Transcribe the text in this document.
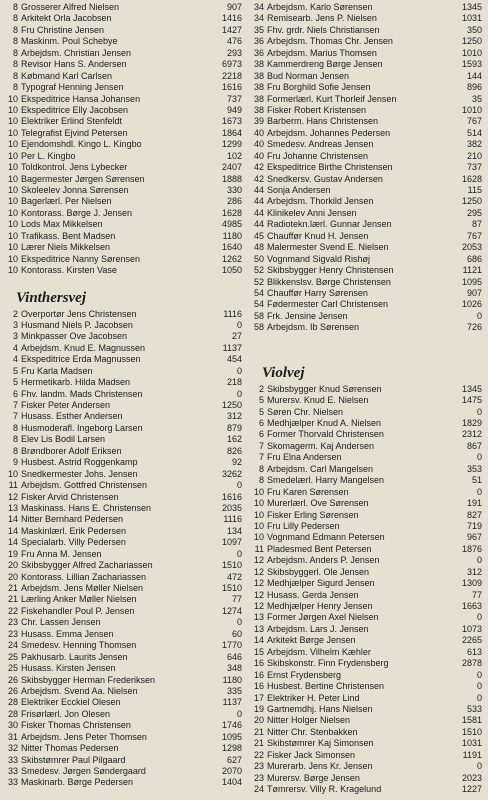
8 Grosserer Alfred Nielsen	907
8 Arkitekt Orla Jacobsen	1416
8 Fru Christine Jensen	1427
8 Maskinm. Poul Schebye	476
8 Arbejdsm. Christian Jensen	293
8 Revisor Hans S. Andersen	6973
8 Købmand Karl Carlsen	2218
8 Typograf Henning Jensen	1616
10 Ekspeditrice Hansa Johansen	737
10 Ekspeditrice Elly Jacobsen	949
10 Elektriker Erlind Stenfeldt	1673
10 Telegrafist Ejvind Petersen	1864
10 Ejendomshdl. Kingo L. Kingbo	1299
10 Per L. Kingbo	102
10 Toldkontrol. Jens Lybecker	2407
10 Bagermester Jørgen Sørensen	1888
10 Skoleelev Jonna Sørensen	330
10 Bagerlærl. Per Nielsen	286
10 Kontorass. Børge J. Jensen	1628
10 Lods Max Mikkelsen	4985
10 Trafikass. Bent Madsen	1180
10 Lærer Niels Mikkelsen	1640
10 Ekspeditrice Nanny Sørensen	1262
10 Kontorass. Kirsten Vase	1050
Vinthersvej
2 Overportør Jens Christensen	1116
3 Husmand Niels P. Jacobsen	0
3 Minkpasser Ove Jacobsen	27
4 Arbejdsm. Knud E. Magnussen	1137
4 Ekspeditrice Erda Magnussen	454
5 Fru Karla Madsen	0
5 Hermetikarb. Hilda Madsen	218
6 Fhv. landm. Mads Christensen	0
7 Fisker Peter Andersen	1250
7 Husass. Esther Andersen	312
8 Husmoderafl. Ingeborg Larsen	879
8 Elev Lis Bodil Larsen	162
8 Brøndborer Adolf Eriksen	826
9 Husbest. Astrid Roggenkamp	92
10 Snedkermester Johs. Jensen	3262
11 Arbejdsm. Gottfred Christensen	0
12 Fisker Arvid Christensen	1616
13 Maskinass. Hans E. Christensen	2035
14 Nitter Bernhard Pedersen	1116
14 Maskinlærl. Erik Pedersen	134
14 Specialarb. Villy Pedersen	1097
19 Fru Anna M. Jensen	0
20 Skibsbygger Alfred Zachariassen	1510
20 Kontorass. Lillian Zachariassen	472
21 Arbejdsm. Jens Møller Nielsen	1510
21 Lærling Anker Møller Nielsen	77
22 Fiskehandler Poul P. Jensen	1274
23 Chr. Lassen Jensen	0
23 Husass. Emma Jensen	60
24 Smedesv. Henning Thomsen	1770
25 Pakhusarb. Laurits Jensen	646
25 Husass. Kirsten Jensen	348
26 Skibsbygger Herman Frederiksen	1180
26 Arbejdsm. Svend Aa. Nielsen	335
28 Elektriker Ecckiel Olesen	1137
28 Frisørlærl. Jon Olesen	0
30 Fisker Thomas Christensen	1746
31 Arbejdsm. Jens Peter Thomsen	1095
32 Nitter Thomas Pedersen	1298
33 Skibstømrer Paul Pilgaard	627
33 Smedesv. Jørgen Søndergaard	2070
33 Maskinarb. Børge Pedersen	1404
34 Arbejdsm. Karlo Sørensen	1345
34 Remisearb. Jens P. Nielsen	1031
35 Fhv. grdr. Niels Christiansen	350
36 Arbejdsm. Thomas Chr. Jensen	1250
36 Arbejdsm. Marius Thomsen	1010
38 Kammerdreng Børge Jensen	1593
38 Bud Norman Jensen	144
38 Fru Borghild Sofie Jensen	896
38 Formerlærl. Kurt Thorleif Jensen	35
38 Fisker Robert Kristensen	1010
39 Barberm. Hans Christensen	767
40 Arbejdsm. Johannes Pedersen	514
40 Smedesv. Andreas Jensen	382
40 Fru Johanne Christensen	210
42 Ekspeditrice Birthe Christensen	737
42 Snedkersv. Gustav Andersen	1628
44 Sonja Andersen	115
44 Arbejdsm. Thorkild Jensen	1250
44 Klinikelev Anni Jensen	295
44 Radiotekn.lærl. Gunnar Jensen	87
45 Chauffør Knud H. Jensen	767
48 Malermester Svend E. Nielsen	2053
50 Vognmand Sigvald Rishøj	686
52 Skibsbygger Henry Christensen	1121
52 Blikkenslsv. Børge Christensen	1095
54 Chauffør Harry Sørensen	907
54 Fødermester Carl Christensen	1026
58 Frk. Jensine Jensen	0
58 Arbejdsm. Ib Sørensen	726
Violvej
2 Skibsbygger Knud Sørensen	1345
5 Murersv. Knud E. Nielsen	1475
5 Søren Chr. Nielsen	0
6 Medhjælper Knud A. Nielsen	1829
6 Former Thorvald Christensen	2312
7 Skomagerm. Kaj Andersen	867
7 Fru Elna Andersen	0
8 Arbejdsm. Carl Mangelsen	353
8 Smedelærl. Harry Mangelsen	51
10 Fru Karen Sørensen	0
10 Murerlærl. Ove Sørensen	191
10 Fisker Erling Sørensen	827
10 Fru Lilly Pedersen	719
10 Vognmand Edmann Petersen	967
11 Pladesmed Bent Petersen	1876
12 Arbejdsm. Anders P. Jensen	0
12 Skibsbyggerl. Ole Jensen	312
12 Medhjælper Sigurd Jensen	1309
12 Husass. Gerda Jensen	77
12 Medhjælper Henry Jensen	1663
13 Former Jørgen Axel Nielsen	0
13 Arbejdsm. Lars J. Jensen	1073
14 Arkitekt Børge Jensen	2265
15 Arbejdsm. Vilhelm Kæhler	613
16 Skibskonstr. Finn Frydensberg	2878
16 Ernst Frydensberg	0
16 Husbest. Bertine Christensen	0
17 Elektriker H. Peter Lind	0
19 Gartnemdhj. Hans Nielsen	533
20 Nitter Holger Nielsen	1581
21 Nitter Chr. Stenbakken	1510
21 Skibstømrer Kaj Simonsen	1031
22 Fisker Jack Simonsen	1191
23 Murerarb. Jens Kr. Jensen	0
23 Murersv. Børge Jensen	2023
24 Tømrersv. Villy R. Kragelund	1227
